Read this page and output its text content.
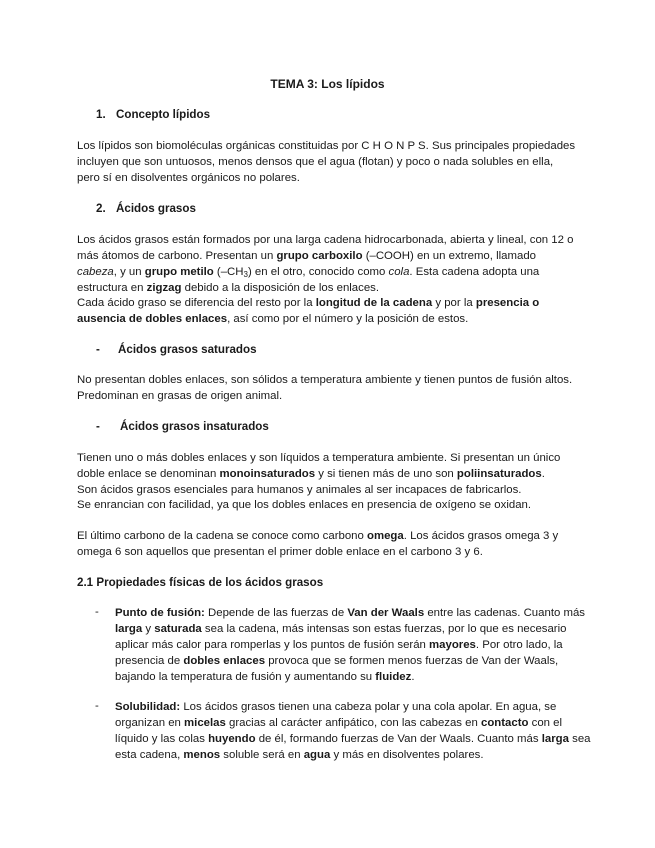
TEMA 3: Los lípidos
1. Concepto lípidos
Los lípidos son biomoléculas orgánicas constituidas por C H O N P S. Sus principales propiedades incluyen que son untuosos, menos densos que el agua (flotan) y poco o nada solubles en ella, pero sí en disolventes orgánicos no polares.
2. Ácidos grasos
Los ácidos grasos están formados por una larga cadena hidrocarbonada, abierta y lineal, con 12 o más átomos de carbono. Presentan un grupo carboxilo (–COOH) en un extremo, llamado cabeza, y un grupo metilo $(-CH_3)$ en el otro, conocido como cola. Esta cadena adopta una estructura en zigzag debido a la disposición de los enlaces.
Cada ácido graso se diferencia del resto por la longitud de la cadena y por la presencia o ausencia de dobles enlaces, así como por el número y la posición de estos.
- Ácidos grasos saturados
No presentan dobles enlaces, son sólidos a temperatura ambiente y tienen puntos de fusión altos. Predominan en grasas de origen animal.
- Ácidos grasos insaturados
Tienen uno o más dobles enlaces y son líquidos a temperatura ambiente. Si presentan un único doble enlace se denominan monoinsaturados y si tienen más de uno son poliinsaturados.
Son ácidos grasos esenciales para humanos y animales al ser incapaces de fabricarlos.
Se enrancian con facilidad, ya que los dobles enlaces en presencia de oxígeno se oxidan.
El último carbono de la cadena se conoce como carbono omega. Los ácidos grasos omega 3 y omega 6 son aquellos que presentan el primer doble enlace en el carbono 3 y 6.
2.1 Propiedades físicas de los ácidos grasos
- Punto de fusión: Depende de las fuerzas de Van der Waals entre las cadenas. Cuanto más larga y saturada sea la cadena, más intensas son estas fuerzas, por lo que es necesario aplicar más calor para romperlas y los puntos de fusión serán mayores. Por otro lado, la presencia de dobles enlaces provoca que se formen menos fuerzas de Van der Waals, bajando la temperatura de fusión y aumentando su fluidez.
- Solubilidad: Los ácidos grasos tienen una cabeza polar y una cola apolar. En agua, se organizan en micelas gracias al carácter anfipático, con las cabezas en contacto con el líquido y las colas huyendo de él, formando fuerzas de Van der Waals. Cuanto más larga sea esta cadena, menos soluble será en agua y más en disolventes polares.
